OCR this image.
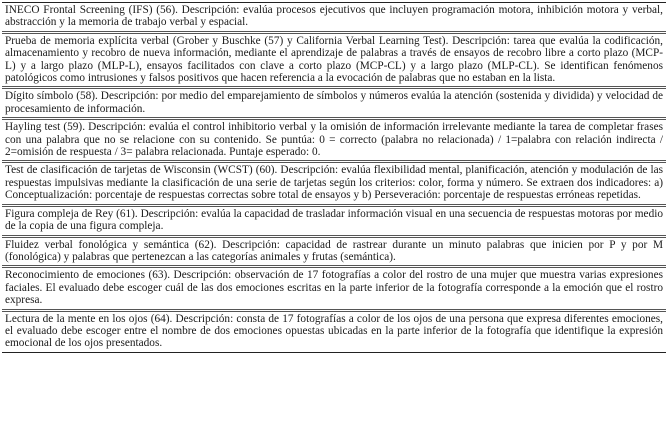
INECO Frontal Screening (IFS) (56). Descripción: evalúa procesos ejecutivos que incluyen programación motora, inhibición motora y verbal, abstracción y la memoria de trabajo verbal y espacial.
Prueba de memoria explícita verbal (Grober y Buschke (57) y California Verbal Learning Test). Descripción: tarea que evalúa la codificación, almacenamiento y recobro de nueva información, mediante el aprendizaje de palabras a través de ensayos de recobro libre a corto plazo (MCP-L) y a largo plazo (MLP-L), ensayos facilitados con clave a corto plazo (MCP-CL) y a largo plazo (MLP-CL). Se identifican fenómenos patológicos como intrusiones y falsos positivos que hacen referencia a la evocación de palabras que no estaban en la lista.
Dígito símbolo (58). Descripción: por medio del emparejamiento de símbolos y números evalúa la atención (sostenida y dividida) y velocidad de procesamiento de información.
Hayling test (59). Descripción: evalúa el control inhibitorio verbal y la omisión de información irrelevante mediante la tarea de completar frases con una palabra que no se relacione con su contenido. Se puntúa: 0 = correcto (palabra no relacionada) / 1=palabra con relación indirecta / 2=omisión de respuesta / 3= palabra relacionada. Puntaje esperado: 0.
Test de clasificación de tarjetas de Wisconsin (WCST) (60). Descripción: evalúa flexibilidad mental, planificación, atención y modulación de las respuestas impulsivas mediante la clasificación de una serie de tarjetas según los criterios: color, forma y número. Se extraen dos indicadores: a) Conceptualización: porcentaje de respuestas correctas sobre total de ensayos y b) Perseveración: porcentaje de respuestas erróneas repetidas.
Figura compleja de Rey (61). Descripción: evalúa la capacidad de trasladar información visual en una secuencia de respuestas motoras por medio de la copia de una figura compleja.
Fluidez verbal fonológica y semántica (62). Descripción: capacidad de rastrear durante un minuto palabras que inicien por P y por M (fonológica) y palabras que pertenezcan a las categorías animales y frutas (semántica).
Reconocimiento de emociones (63). Descripción: observación de 17 fotografías a color del rostro de una mujer que muestra varias expresiones faciales. El evaluado debe escoger cuál de las dos emociones escritas en la parte inferior de la fotografía corresponde a la emoción que el rostro expresa.
Lectura de la mente en los ojos (64). Descripción: consta de 17 fotografías a color de los ojos de una persona que expresa diferentes emociones, el evaluado debe escoger entre el nombre de dos emociones opuestas ubicadas en la parte inferior de la fotografía que identifique la expresión emocional de los ojos presentados.
